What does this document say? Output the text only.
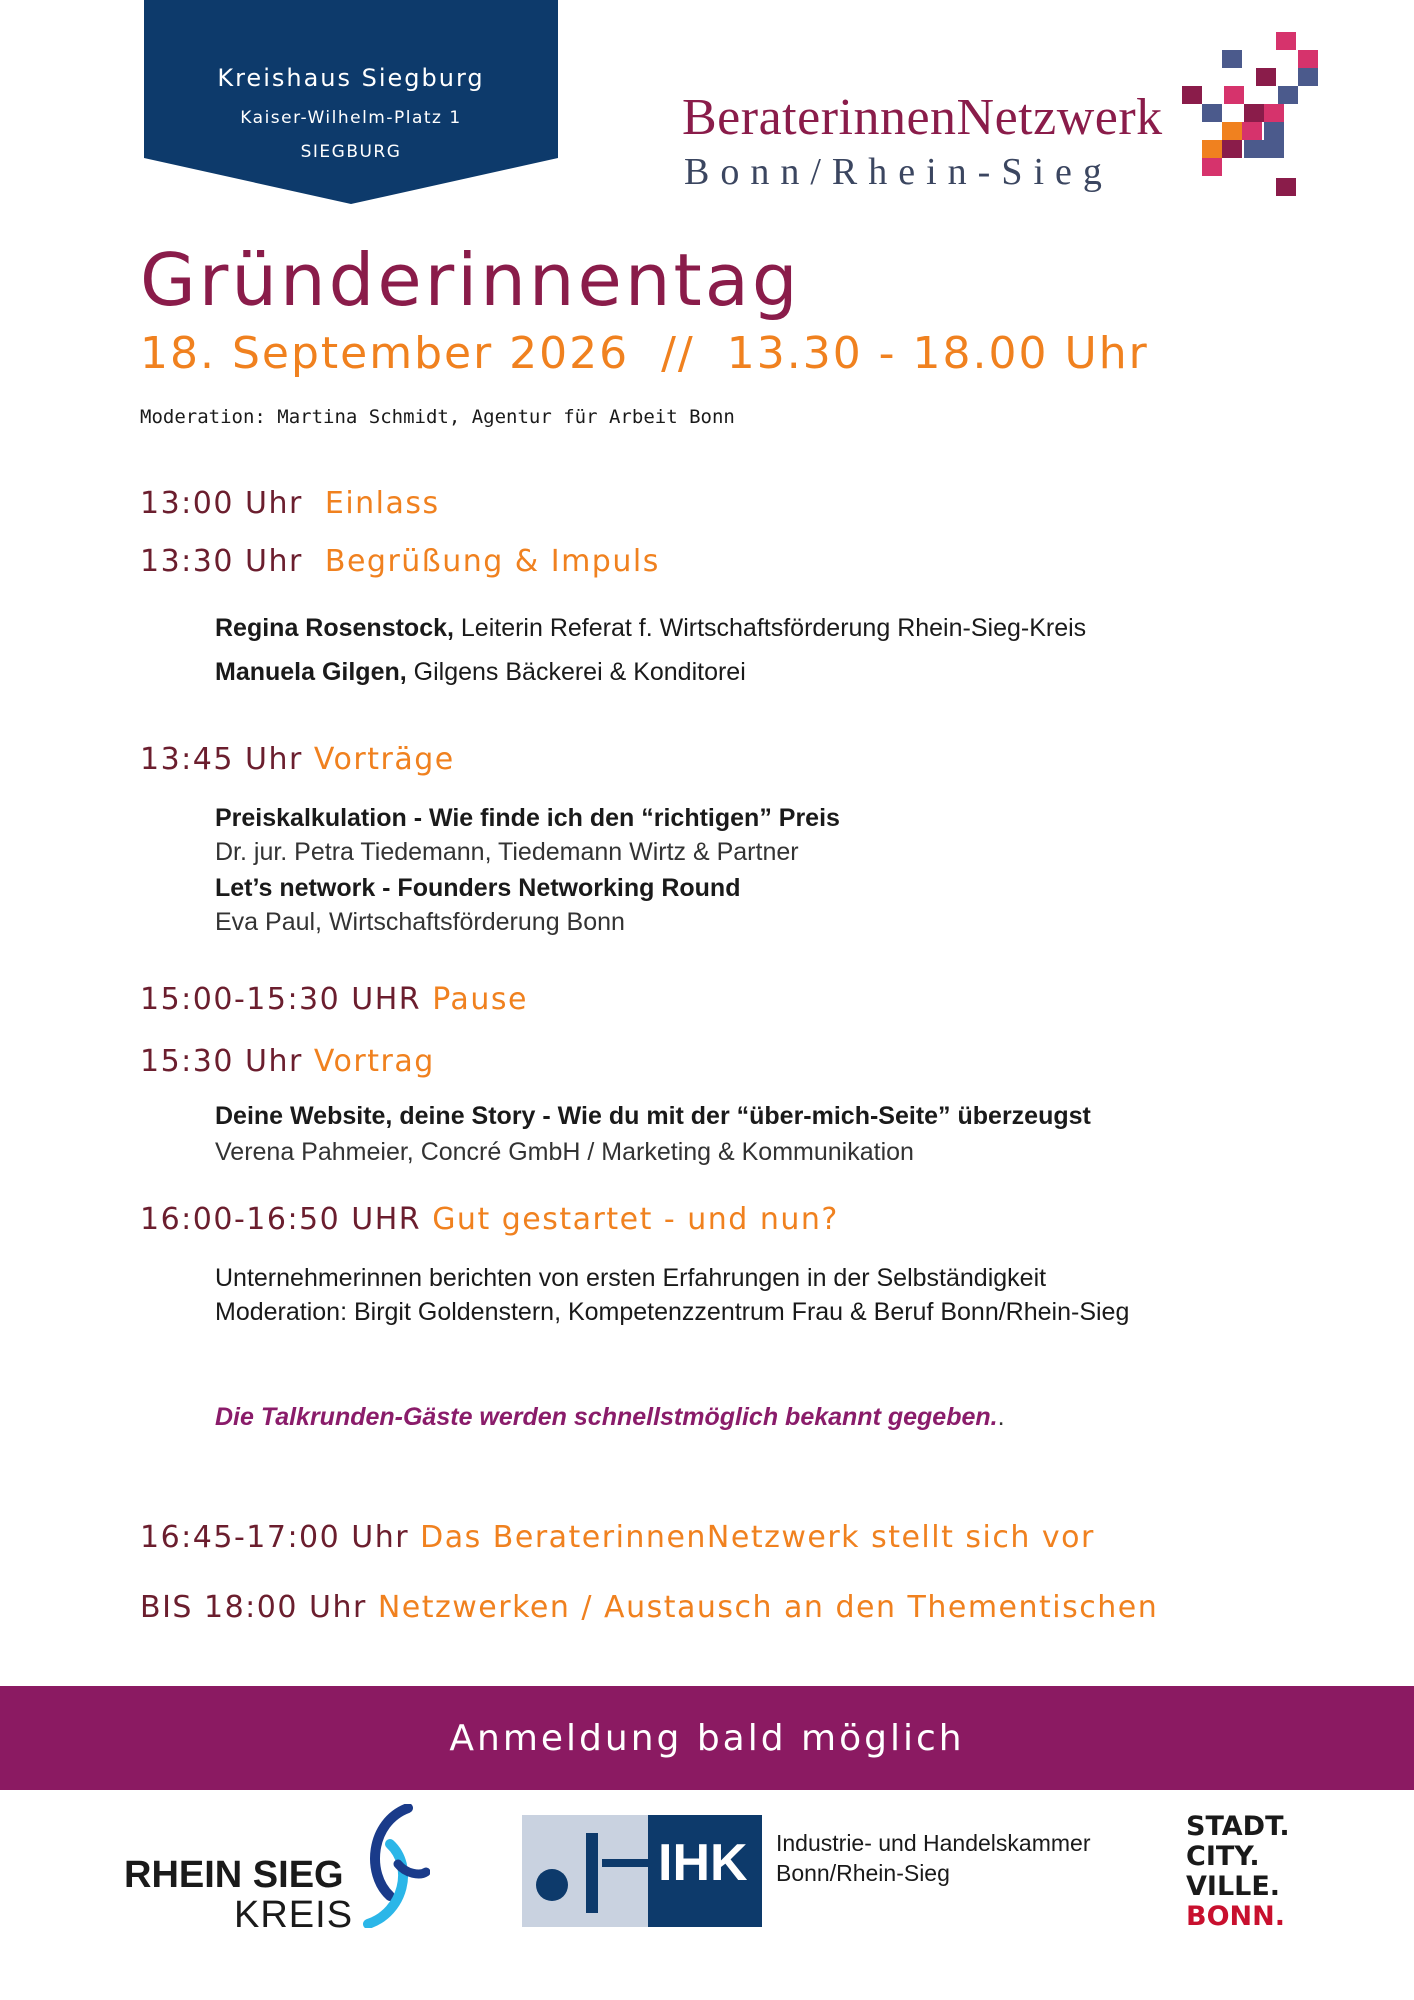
Kreishaus Siegburg
Kaiser-Wilhelm-Platz 1
SIEGBURG
BeraterinnenNetzwerk
Bonn/Rhein-Sieg
Gründerinnentag
18. September 2026  //  13.30 - 18.00 Uhr
Moderation: Martina Schmidt, Agentur für Arbeit Bonn
13:00 Uhr Einlass
13:30 Uhr Begrüßung & Impuls
Regina Rosenstock, Leiterin Referat f. Wirtschaftsförderung Rhein-Sieg-Kreis
Manuela Gilgen, Gilgens Bäckerei & Konditorei
13:45 Uhr Vorträge
Preiskalkulation - Wie finde ich den “richtigen” Preis
Dr. jur. Petra Tiedemann, Tiedemann Wirtz & Partner
Let’s network - Founders Networking Round
Eva Paul, Wirtschaftsförderung Bonn
15:00-15:30 UHR Pause
15:30 Uhr Vortrag
Deine Website, deine Story - Wie du mit der “über-mich-Seite” überzeugst
Verena Pahmeier, Concré GmbH / Marketing & Kommunikation
16:00-16:50 UHR Gut gestartet - und nun?
Unternehmerinnen berichten von ersten Erfahrungen in der Selbständigkeit
Moderation: Birgit Goldenstern, Kompetenzzentrum Frau & Beruf Bonn/Rhein-Sieg
Die Talkrunden-Gäste werden schnellstmöglich bekannt gegeben..
16:45-17:00 Uhr Das BeraterinnenNetzwerk stellt sich vor
BIS 18:00 Uhr Netzwerken / Austausch an den Thementischen
Anmeldung bald möglich
RHEIN SIEG
KREIS
IHK Industrie- und Handelskammer
Bonn/Rhein-Sieg
STADT.
CITY.
VILLE.
BONN.
